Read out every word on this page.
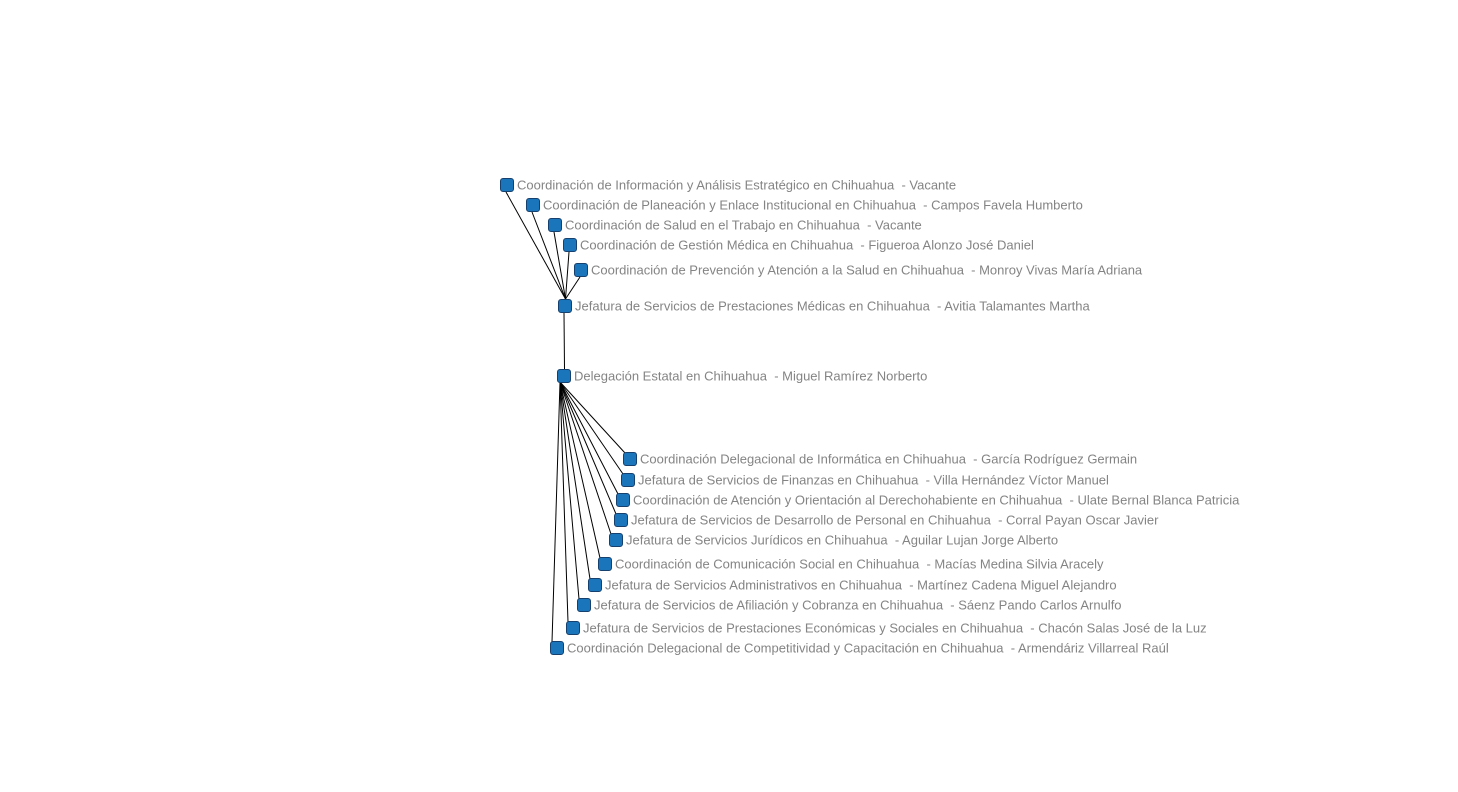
Coordinación de Información y Análisis Estratégico en Chihuahua  - Vacante
Coordinación de Planeación y Enlace Institucional en Chihuahua  - Campos Favela Humberto
Coordinación de Salud en el Trabajo en Chihuahua  - Vacante
Coordinación de Gestión Médica en Chihuahua  - Figueroa Alonzo José Daniel
Coordinación de Prevención y Atención a la Salud en Chihuahua  - Monroy Vivas María Adriana
Jefatura de Servicios de Prestaciones Médicas en Chihuahua  - Avitia Talamantes Martha
Delegación Estatal en Chihuahua  - Miguel Ramírez Norberto
Coordinación Delegacional de Informática en Chihuahua  - García Rodríguez Germain
Jefatura de Servicios de Finanzas en Chihuahua  - Villa Hernández Víctor Manuel
Coordinación de Atención y Orientación al Derechohabiente en Chihuahua  - Ulate Bernal Blanca Patricia
Jefatura de Servicios de Desarrollo de Personal en Chihuahua  - Corral Payan Oscar Javier
Jefatura de Servicios Jurídicos en Chihuahua  - Aguilar Lujan Jorge Alberto
Coordinación de Comunicación Social en Chihuahua  - Macías Medina Silvia Aracely
Jefatura de Servicios Administrativos en Chihuahua  - Martínez Cadena Miguel Alejandro
Jefatura de Servicios de Afiliación y Cobranza en Chihuahua  - Sáenz Pando Carlos Arnulfo
Jefatura de Servicios de Prestaciones Económicas y Sociales en Chihuahua  - Chacón Salas José de la Luz
Coordinación Delegacional de Competitividad y Capacitación en Chihuahua  - Armendáriz Villarreal Raúl
